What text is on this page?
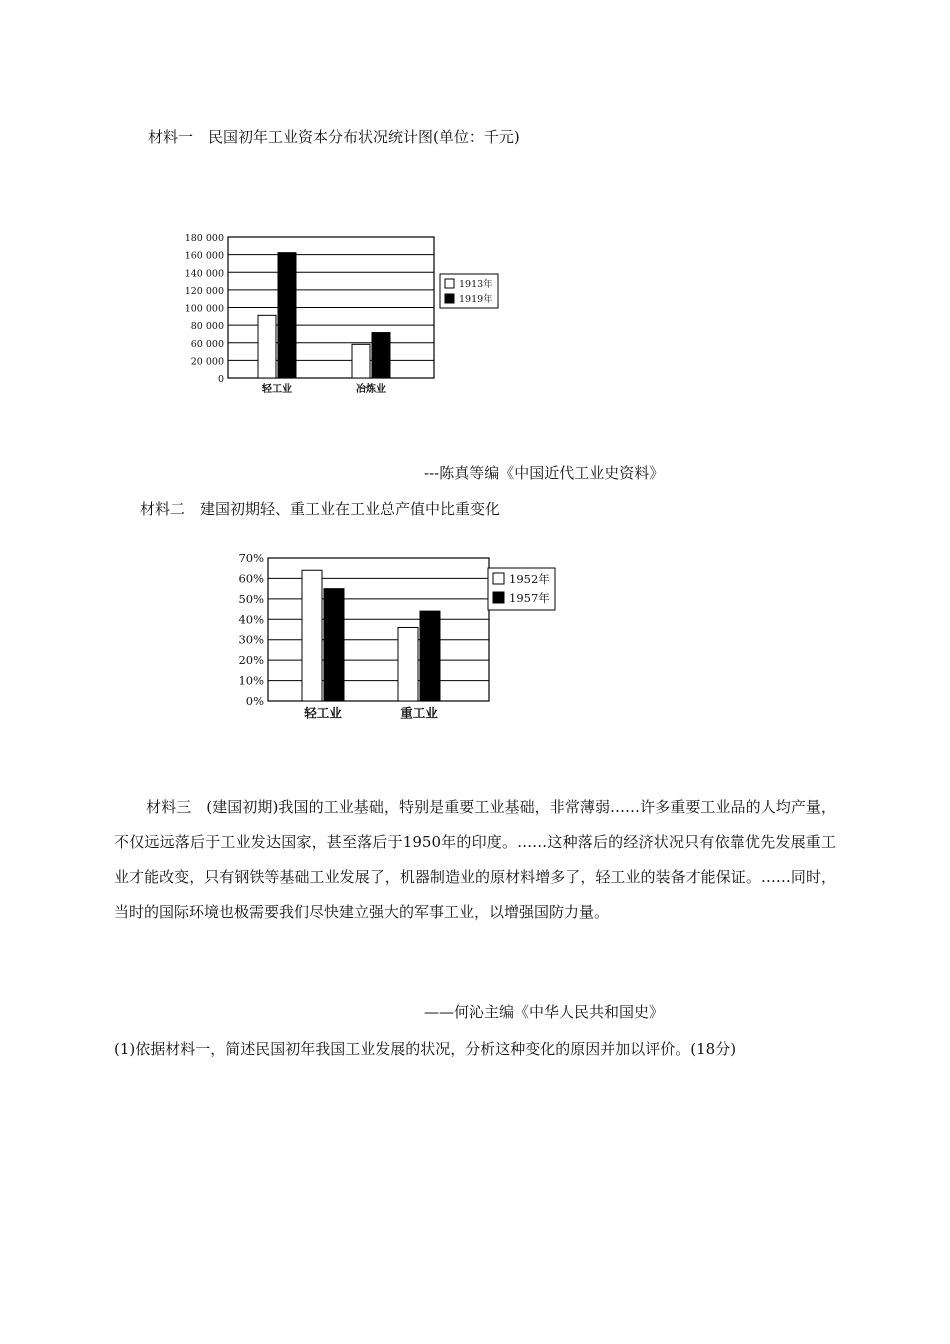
材料一　民国初年工业资本分布状况统计图(单位：千元)
0
20 000
60 000
80 000
100 000
120 000
140 000
160 000
180 000
轻工业	冶炼业
1913年
1919年
---陈真等编《中国近代工业史资料》
材料二　建国初期轻、重工业在工业总产值中比重变化
0%
10%
20%
30%
40%
50%
60%
70%
轻工业	重工业
1952年
1957年
材料三　(建国初期)我国的工业基础，特别是重要工业基础，非常薄弱……许多重要工业品的人均产量，不仅远远落后于工业发达国家，甚至落后于1950年的印度。……这种落后的经济状况只有依靠优先发展重工业才能改变，只有钢铁等基础工业发展了，机器制造业的原材料增多了，轻工业的装备才能保证。……同时，当时的国际环境也极需要我们尽快建立强大的军事工业，以增强国防力量。
——何沁主编《中华人民共和国史》
(1)依据材料一，简述民国初年我国工业发展的状况，分析这种变化的原因并加以评价。(18分)
